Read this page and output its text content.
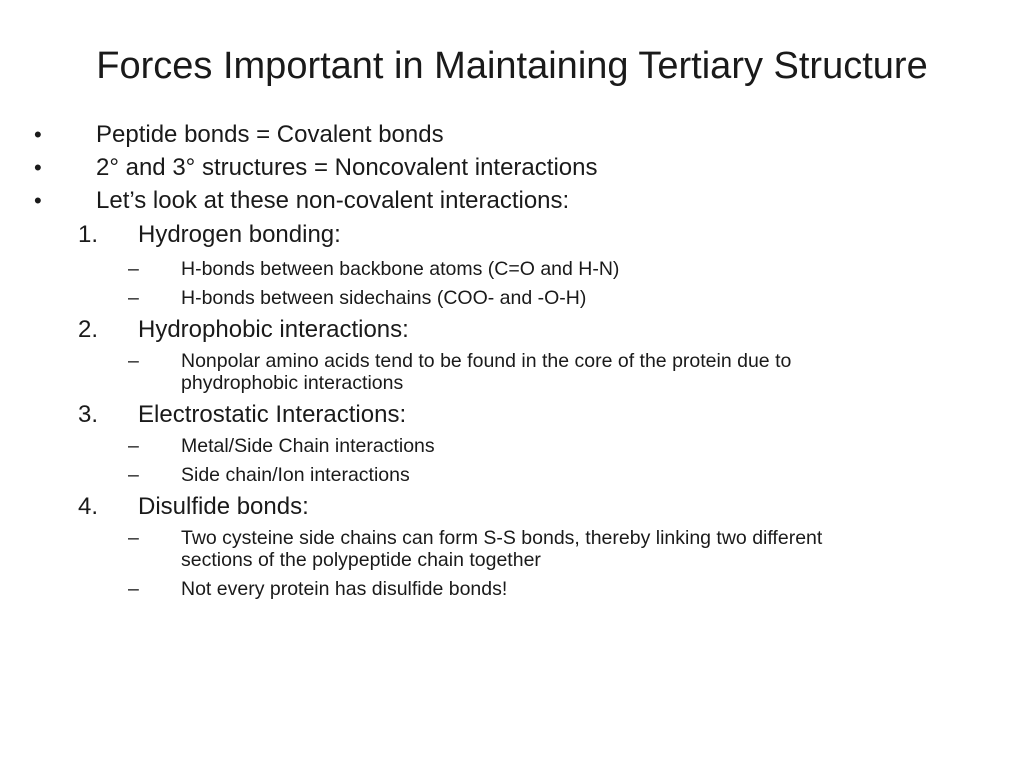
Forces Important in Maintaining Tertiary Structure
• Peptide bonds = Covalent bonds
• 2° and 3° structures = Noncovalent interactions
• Let’s look at these non-covalent interactions:
1. Hydrogen bonding:
– H-bonds between backbone atoms (C=O and H-N)
– H-bonds between sidechains (COO- and -O-H)
2. Hydrophobic interactions:
– Nonpolar amino acids tend to be found in the core of the protein due to
phydrophobic interactions
3. Electrostatic Interactions:
– Metal/Side Chain interactions
– Side chain/Ion interactions
4. Disulfide bonds:
– Two cysteine side chains can form S-S bonds, thereby linking two different
sections of the polypeptide chain together
– Not every protein has disulfide bonds!
